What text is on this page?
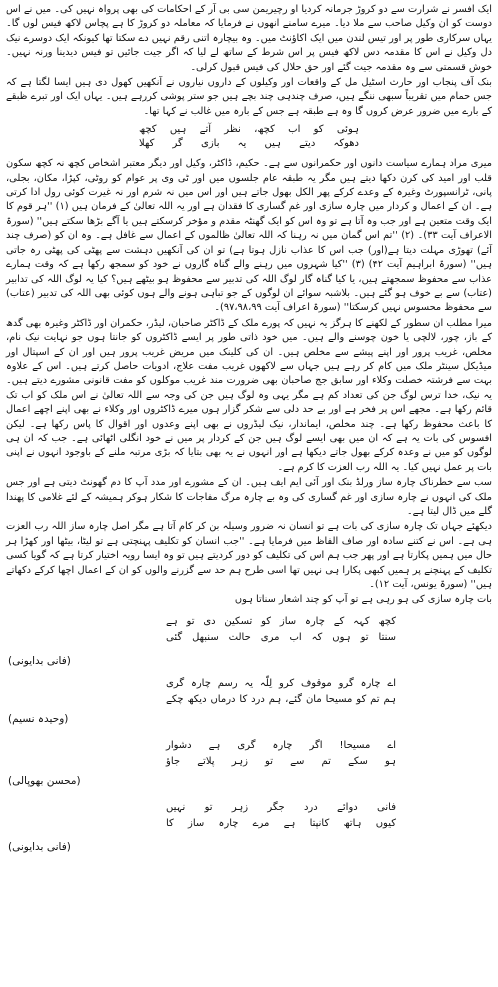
ایک افسر نے شرارت سے دو کروڑ جرمانہ کردیا او رچیریمن سی بی آر کے احکامات کی بھی پرواہ نہیں کی۔ میں نے اس دوست کو ان وکیل صاحب سے ملا دیا۔ میرے سامنے انھوں نے فرمایا کہ معاملہ دو کروڑ کا ہے پچاس لاکھ فیس لوں گا۔ یہاں سرکاری طور پر اور تیس لندن میں ایک اکاؤنٹ میں۔ وہ بیچارہ اتنی رقم نہیں دے سکتا تھا کیونکہ ایک دوسرے نیک دل وکیل نے اس کا مقدمہ دس لاکھ فیس پر اس شرط کے ساتھ لے لیا کہ اگر جیت جائیں تو فیس دیدینا ورنہ نہیں۔ خوش قسمتی سے وہ مقدمہ جیت گئے اور حق حلال کی فیس قبول کرلی۔

بنک آف پنجاب اور حارث اسٹیل مل کے واقعات اور وکیلوں کے داروں نیاروں نے آنکھیں کھول دی ہیں ایسا لگتا ہے کہ جس حمام میں تقریباً سبھی ننگے ہیں، صرف چندہی چند بچے ہیں جو ستر پوشی کررہے ہیں۔ یہاں ایک اور تبرے ظبقے کے بارے میں ضرور عرض کروں گا وہ ہے طبقہ ہے جس کے بارہ میں غالب نے کہا تھا۔

ہوئی کو اب کچھ، نظر آتے ہیں کچھ
دھوکہ دیتے ہیں یہ بازی گر کھلا

میری مراد ہمارے سیاست دانوں اور حکمرانوں سے ہے۔ حکیم، ڈاکٹر، وکیل اور دیگر معتبر اشخاص کچھ نہ کچھ سکون قلب اور امید کی کرن دکھا دیتے ہیں مگر یہ طبقہ عام جلسوں میں اور ٹی وی پر عوام کو روٹی، کپڑا، مکان، بجلی، پانی، ٹرانسپورٹ وغیرہ کے وعدے کرکے پھر الکل بھول جاتے ہیں اور اس میں نہ شرم اور نہ غیرت کوئی رول ادا کرتی ہے۔ ان کے اعمال و کردار میں چارہ سازی اور غم گساری کا فقدان ہے اور یہ اللہ تعالیٰ کے فرمان ہیں (۱) ''ہر قوم کا ایک وقت متعین ہے اور جب وہ آتا ہے تو وہ اس کو ایک گھنٹہ مقدم و مؤخر کرسکتے ہیں یا آگے بڑھا سکتے ہیں'' (سورۃ الاعراف آیت ۳۳)۔ (۲) ''تم اس گمان میں نہ رہنا کہ اللہ تعالیٰ ظالموں کے اعمال سے غافل ہے۔ وہ ان کو (صرف چند آئے) تھوڑی مہلت دیتا ہے(اور) جب اس کا عذاب نازل ہوتا ہے) تو ان کی آنکھیں دہشت سے پھٹی کی پھٹی رہ جاتی ہیں'' (سورۃ ابراہیم آیت ۴۲) (۳) ''کیا شہروں میں رہنے والے گناہ گاروں نے خود کو سمجھ رکھا ہے کہ وقت ہمارے عذاب سے محفوظ سمجھتے ہیں، یا کیا گناہ گار لوگ اللہ کی تدبیر سے محفوظ ہو بیٹھے ہیں؟ کیا یہ لوگ اللہ کی تدابیر (عتاب) سے بے خوف ہو گئے ہیں۔ بلاشبہ سوائے ان لوگوں کے جو تباہی ہونے والے ہوں کوئی بھی اللہ کی تدبیر (عتاب) سے محفوظ محسوس نہیں کرسکتا'' (سورۃ اعراف آیت ۹۷،۹۸،۹۹)۔

میرا مطلب ان سطور کے لکھنے کا ہرگز یہ نہیں کہ پورے ملک کے ڈاکٹر صاحبان، لیڈر، حکمران اور ڈاکٹر وغیرہ بھی گدھ کے باز، چور، لالچی یا خون چوسنے والے ہیں۔ میں خود ذاتی طور پر ایسے ڈاکٹروں کو جانتا ہوں جو نہایت نیک نام، مخلص، غریب پرور اور اپنے پیشے سے مخلص ہیں۔ ان کی کلینک میں مریض غریب پرور ہیں اور ان کے اسپتال اور میڈیکل سینٹر ملک میں کام کر رہے ہیں جہاں سے لاکھوں غریب مفت علاج، ادویات حاصل کرتے ہیں۔ اس کے علاوہ بہت سے فرشتہ خصلت وکلاء اور سابق جج صاحبان بھی ضرورت مند غریب موکلوں کو مفت قانونی مشورے دیتے ہیں۔ یہ نیک، خدا ترس لوگ جن کی تعداد کم ہے مگر یہی وہ لوگ ہیں جن کی وجہ سے اللہ تعالیٰ نے اس ملک کو اب تک قائم رکھا ہے۔ مجھے اس پر فخر ہے اور بے حد دلی سے شکر گزار ہوں میرے ڈاکٹروں اور وکلاء نے بھی اپنے اچھے اعمال کا باعث محفوظ رکھا ہے۔ چند مخلص، ایماندار، نیک لیڈروں نے بھی اپنے وعدوں اور اقوال کا پاس رکھا ہے۔ لیکن افسوس کی بات یہ ہے کہ ان میں بھی ایسے لوگ ہیں جن کے کردار پر میں نے خود انگلی اٹھائی ہے۔ جب کہ ان ہی لوگوں کو میں نے وعدہ کرکے بھول جاتے دیکھا ہے اور انہوں نے یہ بھی بتایا کہ بڑی مرتبہ ملنے کے باوجود انہوں نے اپنی بات پر عمل نہیں کیا۔ یہ اللہ رب العزت کا کرم ہے۔

سب سے خطرناک چارہ ساز ورلڈ بنک اور آئی ایم ایف ہیں۔ ان کے مشورے اور مدد آپ کا دم گھونٹ دیتی ہے اور جس ملک کی انہوں نے چارہ سازی اور غم گساری کی وہ بے چارہ مرگ مفاجات کا شکار ہوکر ہمیشہ کے لئے غلامی کا پھندا گلے میں ڈال لیتا ہے۔

دیکھئے جہاں تک چارہ سازی کی بات ہے تو انسان نہ ضرور وسیلہ بن کر کام آتا ہے مگر اصل چارہ ساز اللہ رب العزت ہی ہے۔ اس نے کتنے سادہ اور صاف الفاظ میں فرمایا ہے۔ ''جب انسان کو تکلیف پہنچتی ہے تو لیٹا، بیٹھا اور کھڑا ہر حال میں ہمیں پکارتا ہے اور پھر جب ہم اس کی تکلیف کو دور کردیتے ہیں تو وہ ایسا رویہ اختیار کرتا ہے کہ گویا کسی تکلیف کے پہنچنے پر ہمیں کبھی پکارا ہی نہیں تھا اسی طرح ہم حد سے گزرنے والوں کو ان کے اعمال اچھا کرکے دکھاتے ہیں'' (سورۃ یونس، آیت ۱۲)۔

بات چارہ سازی کی ہو رہی ہے تو آپ کو چند اشعار سناتا ہوں

کچھ کہہ کے چارہ ساز کو تسکین دی تو ہے
سنتا تو ہوں کہ اب مری حالت سنبھل گئی
( فانی بدایونی )
اے چارہ گرو موقوف کرو لِلّہ یہ رسم چارہ گری
ہم تم کو مسیحا مان گئے، ہم درد کا درماں دیکھ چکے
( وحیدہ نسیم )
اے مسیحا! اگر چارہ گری ہے دشوار
ہو سکے تم سے تو زہر پلاتے جاؤ
( محسن بھوپالی )
فانی دوائے درد جگر زہر تو نہیں
کیوں ہاتھ کانپتا ہے مرے چارہ ساز کا
( فانی بدایونی )
